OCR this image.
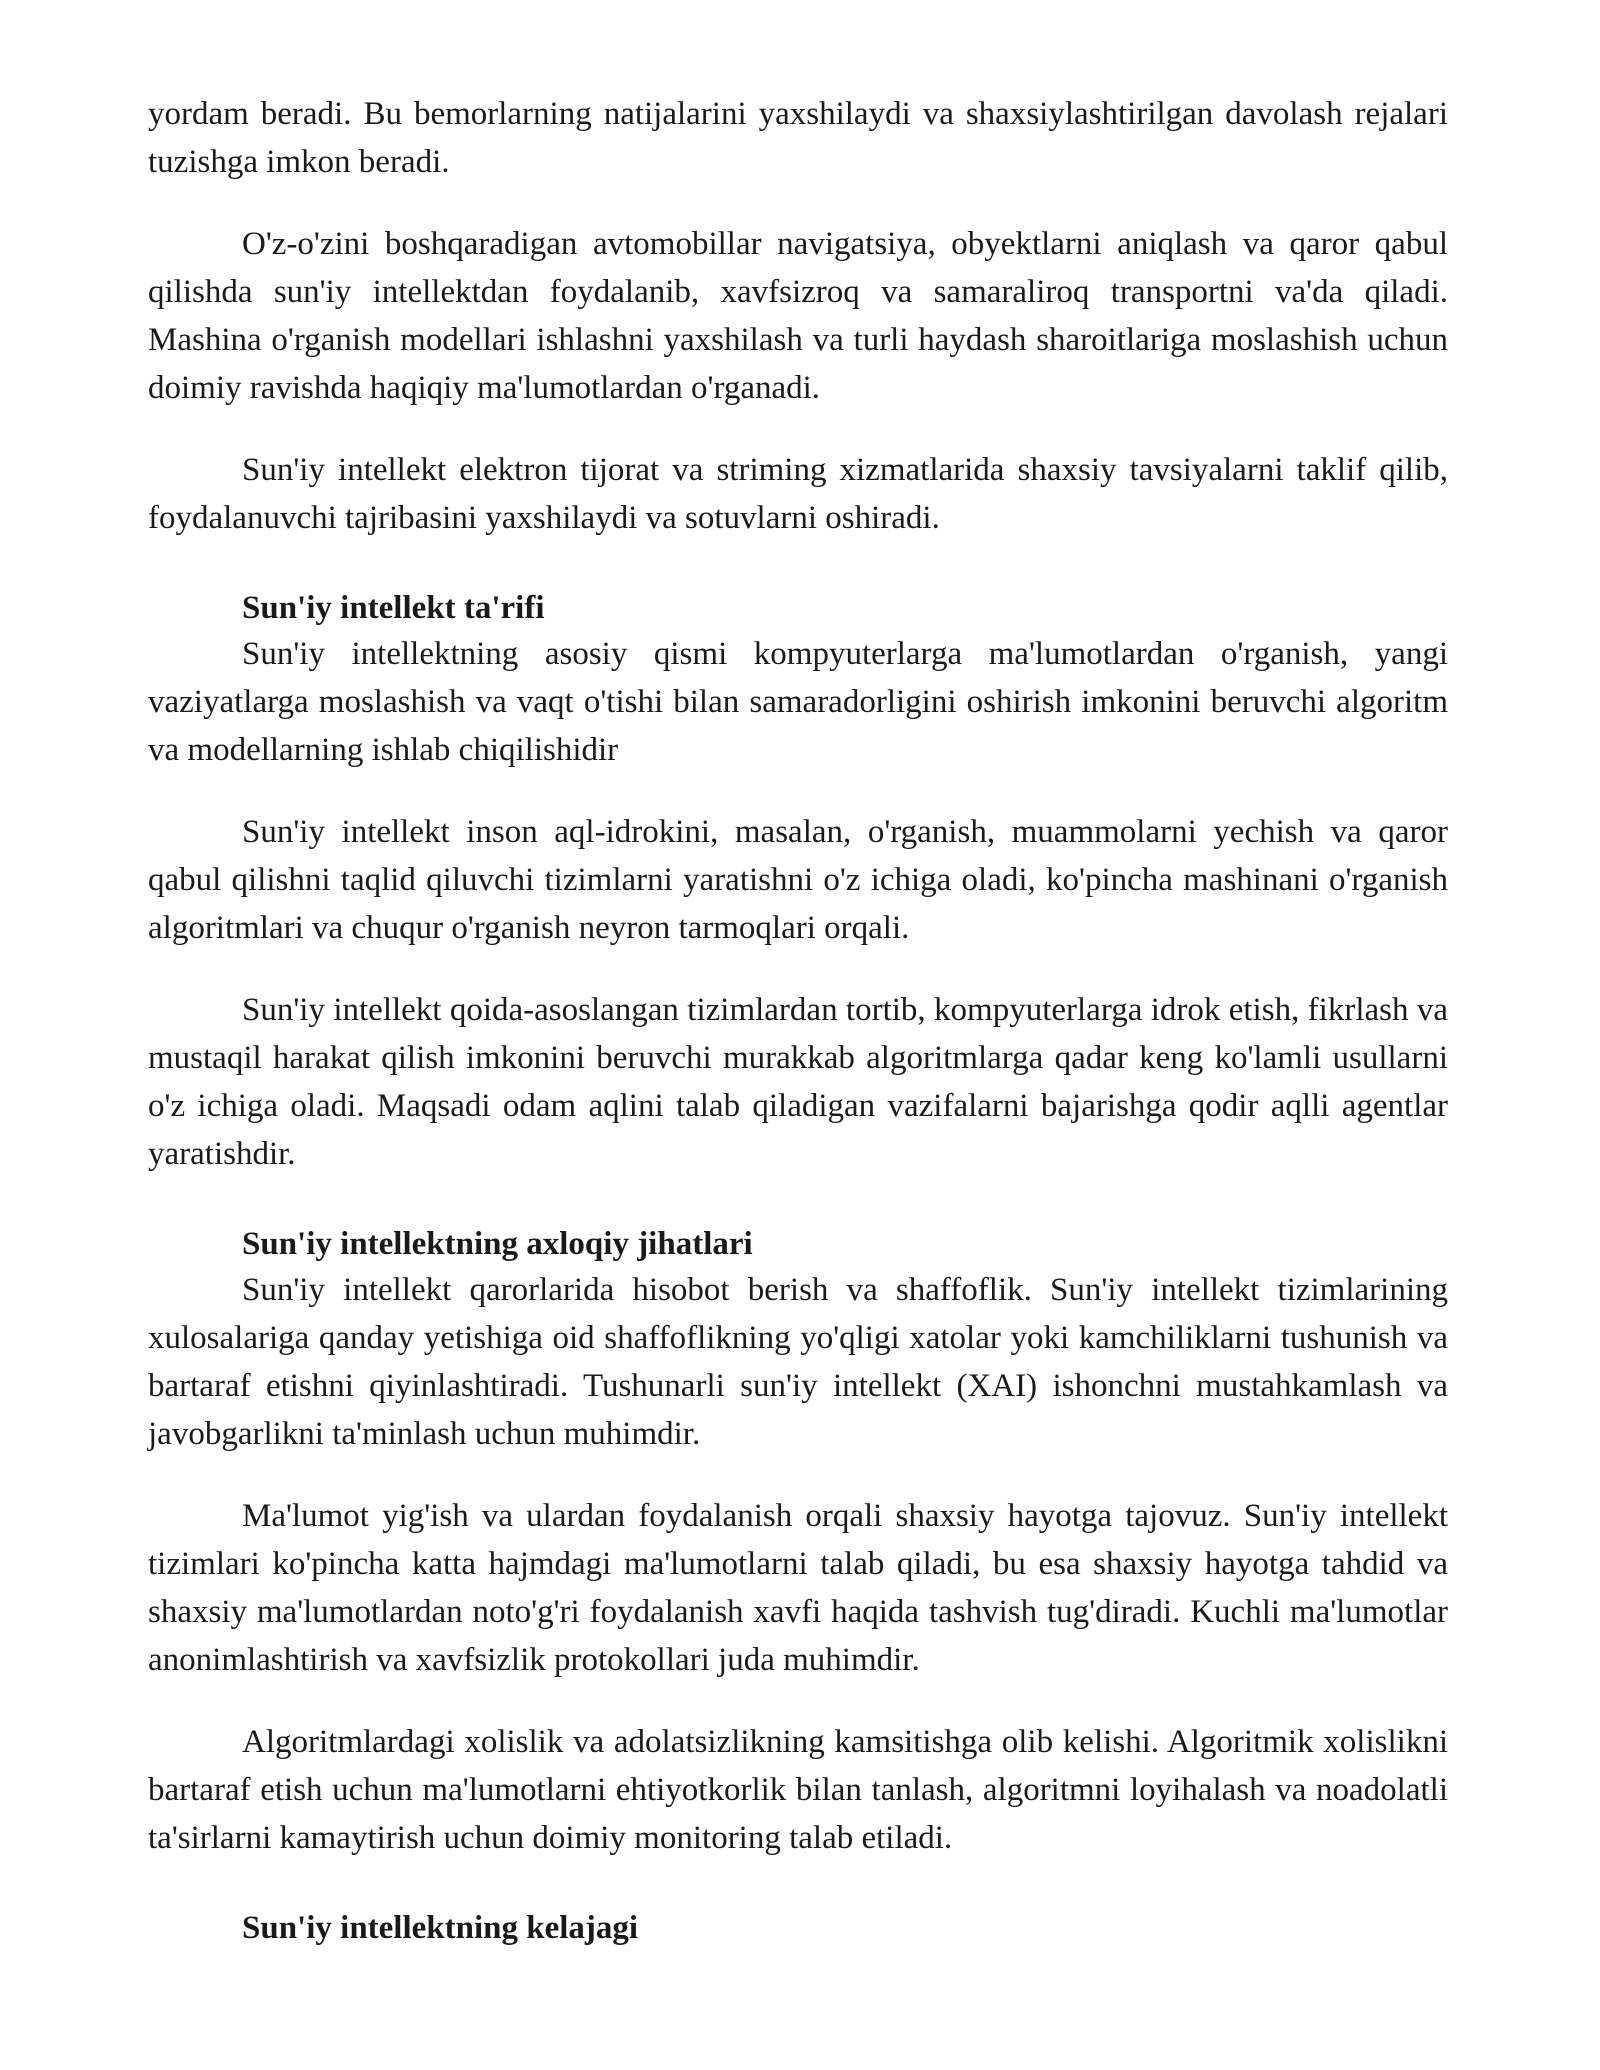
yordam beradi. Bu bemorlarning natijalarini yaxshilaydi va shaxsiylashtirilgan davolash rejalari tuzishga imkon beradi.

O'z-o'zini boshqaradigan avtomobillar navigatsiya, obyektlarni aniqlash va qaror qabul qilishda sun'iy intellektdan foydalanib, xavfsizroq va samaraliroq transportni va'da qiladi. Mashina o'rganish modellari ishlashni yaxshilash va turli haydash sharoitlariga moslashish uchun doimiy ravishda haqiqiy ma'lumotlardan o'rganadi.

Sun'iy intellekt elektron tijorat va striming xizmatlarida shaxsiy tavsiyalarni taklif qilib, foydalanuvchi tajribasini yaxshilaydi va sotuvlarni oshiradi.

Sun'iy intellekt ta'rifi

Sun'iy intellektning asosiy qismi kompyuterlarga ma'lumotlardan o'rganish, yangi vaziyatlarga moslashish va vaqt o'tishi bilan samaradorligini oshirish imkonini beruvchi algoritm va modellarning ishlab chiqilishidir

Sun'iy intellekt inson aql-idrokini, masalan, o'rganish, muammolarni yechish va qaror qabul qilishni taqlid qiluvchi tizimlarni yaratishni o'z ichiga oladi, ko'pincha mashinani o'rganish algoritmlari va chuqur o'rganish neyron tarmoqlari orqali.

Sun'iy intellekt qoida-asoslangan tizimlardan tortib, kompyuterlarga idrok etish, fikrlash va mustaqil harakat qilish imkonini beruvchi murakkab algoritmlarga qadar keng ko'lamli usullarni o'z ichiga oladi. Maqsadi odam aqlini talab qiladigan vazifalarni bajarishga qodir aqlli agentlar yaratishdir.

Sun'iy intellektning axloqiy jihatlari

Sun'iy intellekt qarorlarida hisobot berish va shaffoflik. Sun'iy intellekt tizimlarining xulosalariga qanday yetishiga oid shaffoflikning yo'qligi xatolar yoki kamchiliklarni tushunish va bartaraf etishni qiyinlashtiradi. Tushunarli sun'iy intellekt (XAI) ishonchni mustahkamlash va javobgarlikni ta'minlash uchun muhimdir.

Ma'lumot yig'ish va ulardan foydalanish orqali shaxsiy hayotga tajovuz. Sun'iy intellekt tizimlari ko'pincha katta hajmdagi ma'lumotlarni talab qiladi, bu esa shaxsiy hayotga tahdid va shaxsiy ma'lumotlardan noto'g'ri foydalanish xavfi haqida tashvish tug'diradi. Kuchli ma'lumotlar anonimlashtirish va xavfsizlik protokollari juda muhimdir.

Algoritmlardagi xolislik va adolatsizlikning kamsitishga olib kelishi. Algoritmik xolislikni bartaraf etish uchun ma'lumotlarni ehtiyotkorlik bilan tanlash, algoritmni loyihalash va noadolatli ta'sirlarni kamaytirish uchun doimiy monitoring talab etiladi.

Sun'iy intellektning kelajagi
